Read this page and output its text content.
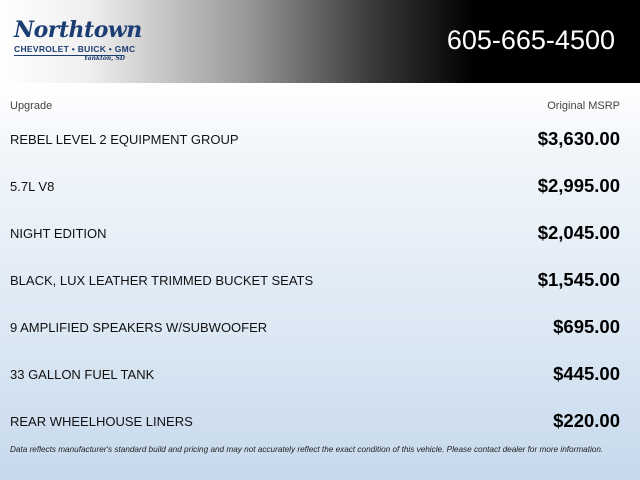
Northtown
CHEVROLET • BUICK • GMC
Yankton, SD
605-665-4500
Upgrade	Original MSRP
REBEL LEVEL 2 EQUIPMENT GROUP	$3,630.00
5.7L V8	$2,995.00
NIGHT EDITION	$2,045.00
BLACK, LUX LEATHER TRIMMED BUCKET SEATS	$1,545.00
9 AMPLIFIED SPEAKERS W/SUBWOOFER	$695.00
33 GALLON FUEL TANK	$445.00
REAR WHEELHOUSE LINERS	$220.00
Data reflects manufacturer's standard build and pricing and may not accurately reflect the exact condition of this vehicle. Please contact dealer for more information.
